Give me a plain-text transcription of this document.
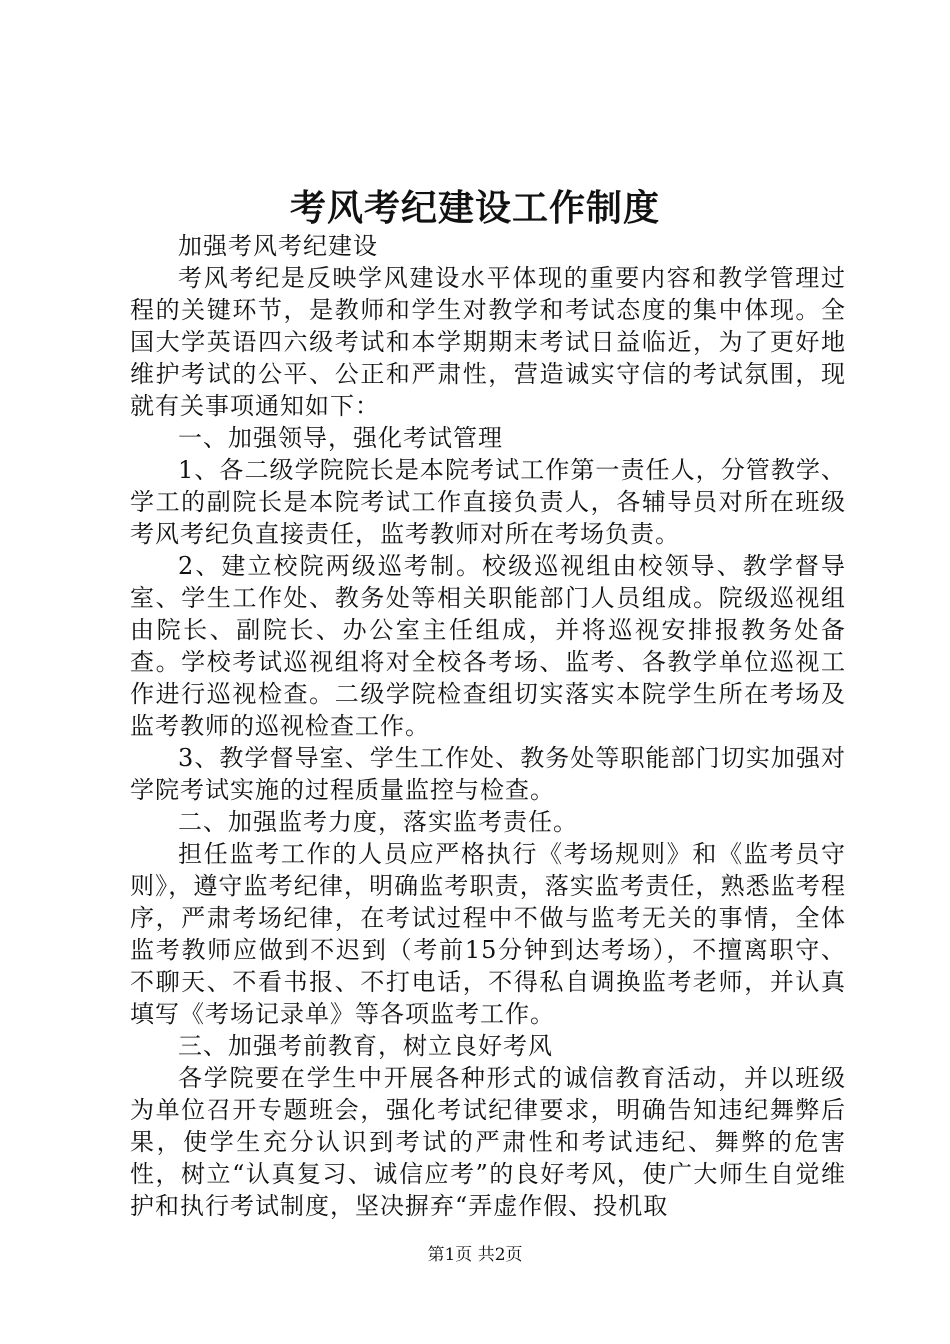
考风考纪建设工作制度

加强考风考纪建设

考风考纪是反映学风建设水平体现的重要内容和教学管理过程的关键环节，是教师和学生对教学和考试态度的集中体现。全国大学英语四六级考试和本学期期末考试日益临近，为了更好地维护考试的公平、公正和严肃性，营造诚实守信的考试氛围，现就有关事项通知如下：

一、加强领导，强化考试管理

1、各二级学院院长是本院考试工作第一责任人，分管教学、学工的副院长是本院考试工作直接负责人，各辅导员对所在班级考风考纪负直接责任，监考教师对所在考场负责。

2、建立校院两级巡考制。校级巡视组由校领导、教学督导室、学生工作处、教务处等相关职能部门人员组成。院级巡视组由院长、副院长、办公室主任组成，并将巡视安排报教务处备查。学校考试巡视组将对全校各考场、监考、各教学单位巡视工作进行巡视检查。二级学院检查组切实落实本院学生所在考场及监考教师的巡视检查工作。

3、教学督导室、学生工作处、教务处等职能部门切实加强对学院考试实施的过程质量监控与检查。

二、加强监考力度，落实监考责任。

担任监考工作的人员应严格执行《考场规则》和《监考员守则》，遵守监考纪律，明确监考职责，落实监考责任，熟悉监考程序，严肃考场纪律，在考试过程中不做与监考无关的事情，全体监考教师应做到不迟到（考前15分钟到达考场），不擅离职守、不聊天、不看书报、不打电话，不得私自调换监考老师，并认真填写《考场记录单》等各项监考工作。

三、加强考前教育，树立良好考风

各学院要在学生中开展各种形式的诚信教育活动，并以班级为单位召开专题班会，强化考试纪律要求，明确告知违纪舞弊后果，使学生充分认识到考试的严肃性和考试违纪、舞弊的危害性，树立“认真复习、诚信应考”的良好考风，使广大师生自觉维护和执行考试制度，坚决摒弃“弄虚作假、投机取

第1页 共2页
